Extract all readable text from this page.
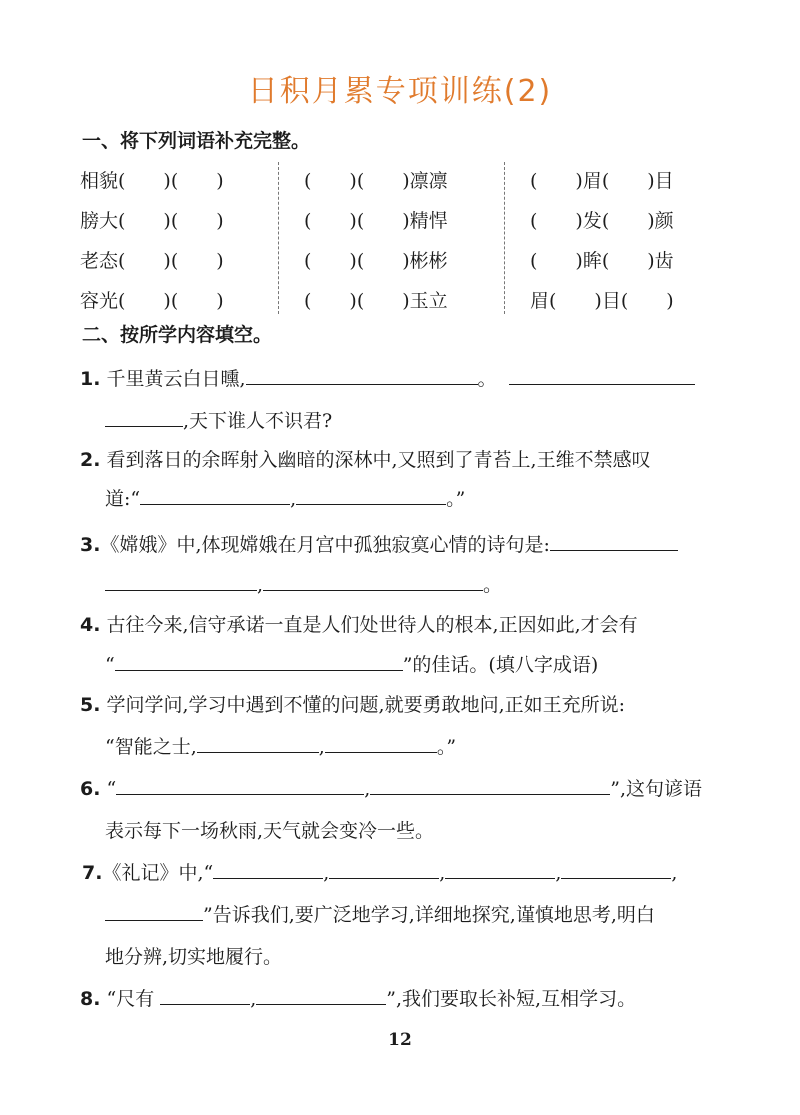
日积月累专项训练(2)
一、将下列词语补充完整。
相貌(　　)(　　)	(　　)(　　)凛凛	(　　)眉(　　)目
膀大(　　)(　　)	(　　)(　　)精悍	(　　)发(　　)颜
老态(　　)(　　)	(　　)(　　)彬彬	(　　)眸(　　)齿
容光(　　)(　　)	(　　)(　　)玉立	眉(　　)目(　　)
二、按所学内容填空。
1. 千里黄云白日曛,	。
,天下谁人不识君?
2. 看到落日的余晖射入幽暗的深林中,又照到了青苔上,王维不禁感叹
道:“	,	。”
3.《嫦娥》中,体现嫦娥在月宫中孤独寂寞心情的诗句是:
,	。
4. 古往今来,信守承诺一直是人们处世待人的根本,正因如此,才会有
“	”的佳话。(填八字成语)
5. 学问学问,学习中遇到不懂的问题,就要勇敢地问,正如王充所说:
“智能之士,	,	。”
6. “	,	”,这句谚语
表示每下一场秋雨,天气就会变冷一些。
7.《礼记》中,“	,	,	,	,
”告诉我们,要广泛地学习,详细地探究,谨慎地思考,明白
地分辨,切实地履行。
8. “尺有	,	”,我们要取长补短,互相学习。
12
